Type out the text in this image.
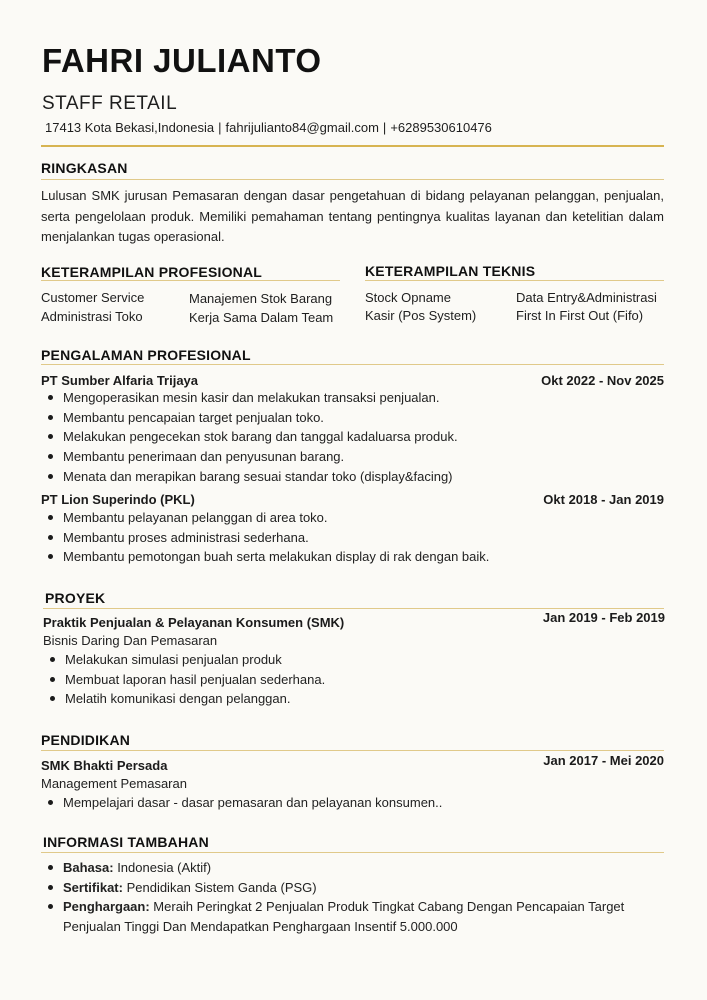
FAHRI JULIANTO
STAFF RETAIL
17413 Kota Bekasi,Indonesia | fahrijulianto84@gmail.com | +6289530610476
RINGKASAN

Lulusan SMK jurusan Pemasaran dengan dasar pengetahuan di bidang pelayanan pelanggan, penjualan, serta pengelolaan produk. Memiliki pemahaman tentang pentingnya kualitas layanan dan ketelitian dalam menjalankan tugas operasional.

KETERAMPILAN PROFESIONAL
Customer Service	Manajemen Stok Barang
Administrasi Toko	Kerja Sama Dalam Team
KETERAMPILAN TEKNIS
Stock Opname	Data Entry&Administrasi
Kasir (Pos System)	First In First Out (Fifo)
PENGALAMAN PROFESIONAL
PT Sumber Alfaria Trijaya	Okt 2022 - Nov 2025
Mengoperasikan mesin kasir dan melakukan transaksi penjualan.
Membantu pencapaian target penjualan toko.
Melakukan pengecekan stok barang dan tanggal kadaluarsa produk.
Membantu penerimaan dan penyusunan barang.
Menata dan merapikan barang sesuai standar toko (display&facing)
PT Lion Superindo (PKL)	Okt 2018 - Jan 2019
Membantu pelayanan pelanggan di area toko.
Membantu proses administrasi sederhana.
Membantu pemotongan buah serta melakukan display di rak dengan baik.
PROYEK
Praktik Penjualan & Pelayanan Konsumen (SMK)	Jan 2019 - Feb 2019
Bisnis Daring Dan Pemasaran
Melakukan simulasi penjualan produk
Membuat laporan hasil penjualan sederhana.
Melatih komunikasi dengan pelanggan.
PENDIDIKAN
SMK Bhakti Persada	Jan 2017 - Mei 2020
Management Pemasaran
Mempelajari dasar - dasar pemasaran dan pelayanan konsumen..
INFORMASI TAMBAHAN
Bahasa: Indonesia (Aktif)
Sertifikat: Pendidikan Sistem Ganda (PSG)
Penghargaan: Meraih Peringkat 2 Penjualan Produk Tingkat Cabang Dengan Pencapaian Target Penjualan Tinggi Dan Mendapatkan Penghargaan Insentif 5.000.000
